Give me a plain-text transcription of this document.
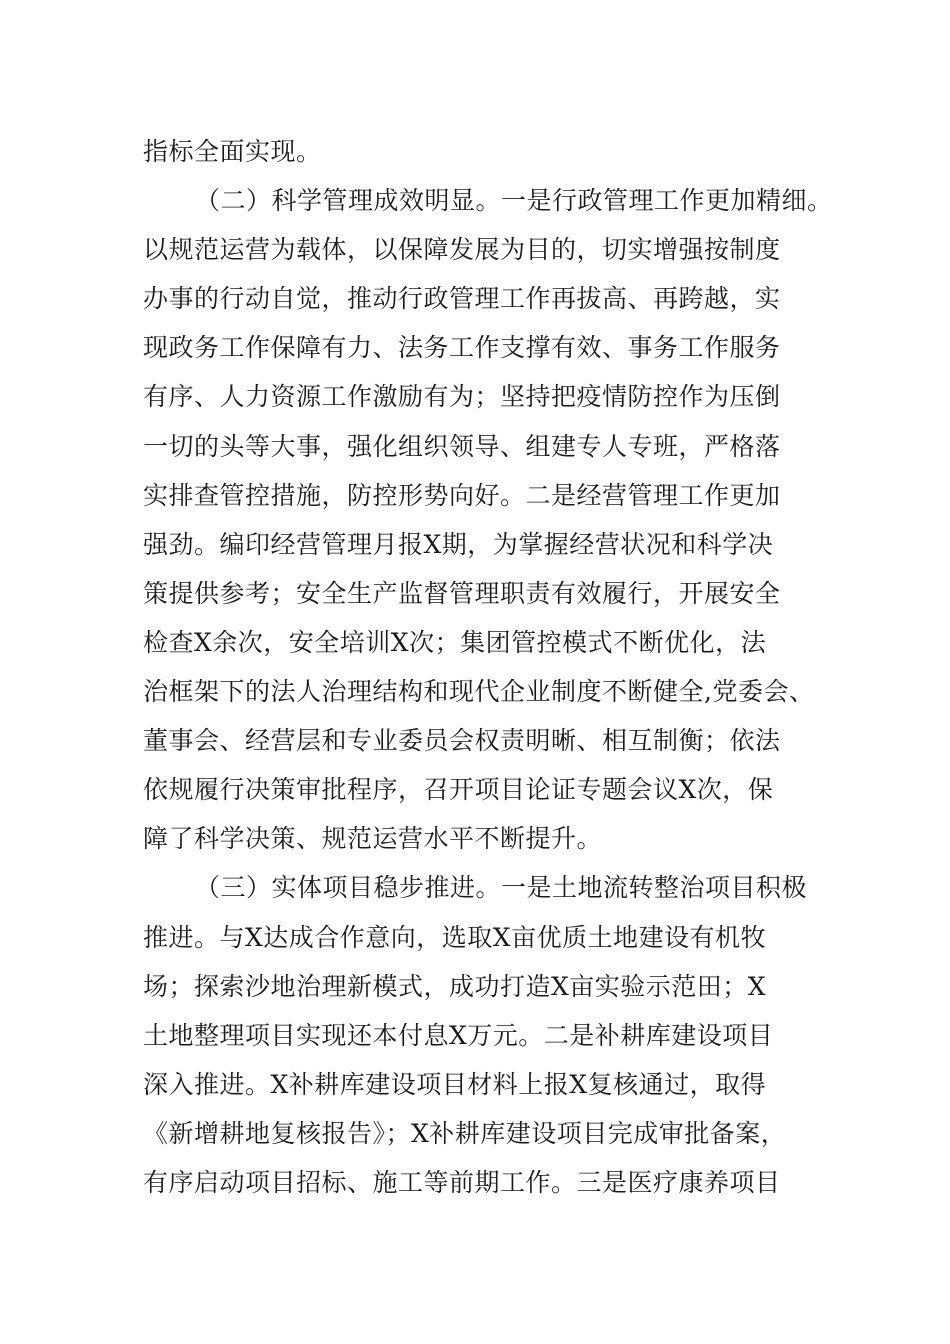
指标全面实现。
（二）科学管理成效明显。一是行政管理工作更加精细。
以规范运营为载体，以保障发展为目的，切实增强按制度
办事的行动自觉，推动行政管理工作再拔高、再跨越，实
现政务工作保障有力、法务工作支撑有效、事务工作服务
有序、人力资源工作激励有为；坚持把疫情防控作为压倒
一切的头等大事，强化组织领导、组建专人专班，严格落
实排查管控措施，防控形势向好。二是经营管理工作更加
强劲。编印经营管理月报X期，为掌握经营状况和科学决
策提供参考；安全生产监督管理职责有效履行，开展安全
检查X余次，安全培训X次；集团管控模式不断优化，法
治框架下的法人治理结构和现代企业制度不断健全,党委会、
董事会、经营层和专业委员会权责明晰、相互制衡；依法
依规履行决策审批程序，召开项目论证专题会议X次，保
障了科学决策、规范运营水平不断提升。
（三）实体项目稳步推进。一是土地流转整治项目积极
推进。与X达成合作意向，选取X亩优质土地建设有机牧
场；探索沙地治理新模式，成功打造X亩实验示范田；X
土地整理项目实现还本付息X万元。二是补耕库建设项目
深入推进。X补耕库建设项目材料上报X复核通过，取得
《新增耕地复核报告》；X补耕库建设项目完成审批备案，
有序启动项目招标、施工等前期工作。三是医疗康养项目
